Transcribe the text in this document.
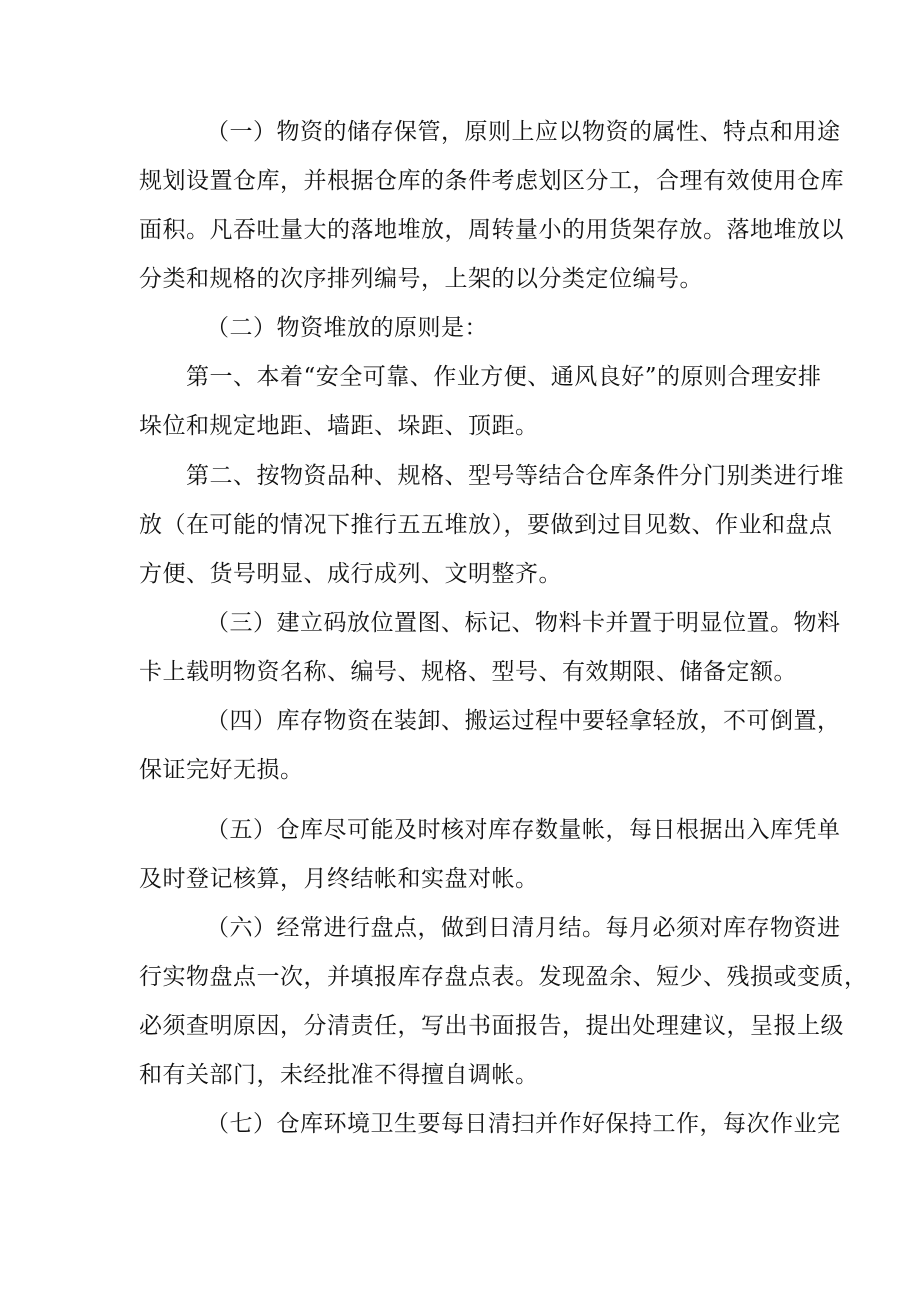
（一）物资的储存保管，原则上应以物资的属性、特点和用途

规划设置仓库，并根据仓库的条件考虑划区分工，合理有效使用仓库

面积。凡吞吐量大的落地堆放，周转量小的用货架存放。落地堆放以

分类和规格的次序排列编号，上架的以分类定位编号。

（二）物资堆放的原则是：

第一、本着“安全可靠、作业方便、通风良好”的原则合理安排

垛位和规定地距、墙距、垛距、顶距。

第二、按物资品种、规格、型号等结合仓库条件分门别类进行堆

放（在可能的情况下推行五五堆放），要做到过目见数、作业和盘点

方便、货号明显、成行成列、文明整齐。

（三）建立码放位置图、标记、物料卡并置于明显位置。物料

卡上载明物资名称、编号、规格、型号、有效期限、储备定额。

（四）库存物资在装卸、搬运过程中要轻拿轻放，不可倒置，

保证完好无损。

（五）仓库尽可能及时核对库存数量帐，每日根据出入库凭单

及时登记核算，月终结帐和实盘对帐。

（六）经常进行盘点，做到日清月结。每月必须对库存物资进

行实物盘点一次，并填报库存盘点表。发现盈余、短少、残损或变质，

必须查明原因，分清责任，写出书面报告，提出处理建议，呈报上级

和有关部门，未经批准不得擅自调帐。

（七）仓库环境卫生要每日清扫并作好保持工作，每次作业完
